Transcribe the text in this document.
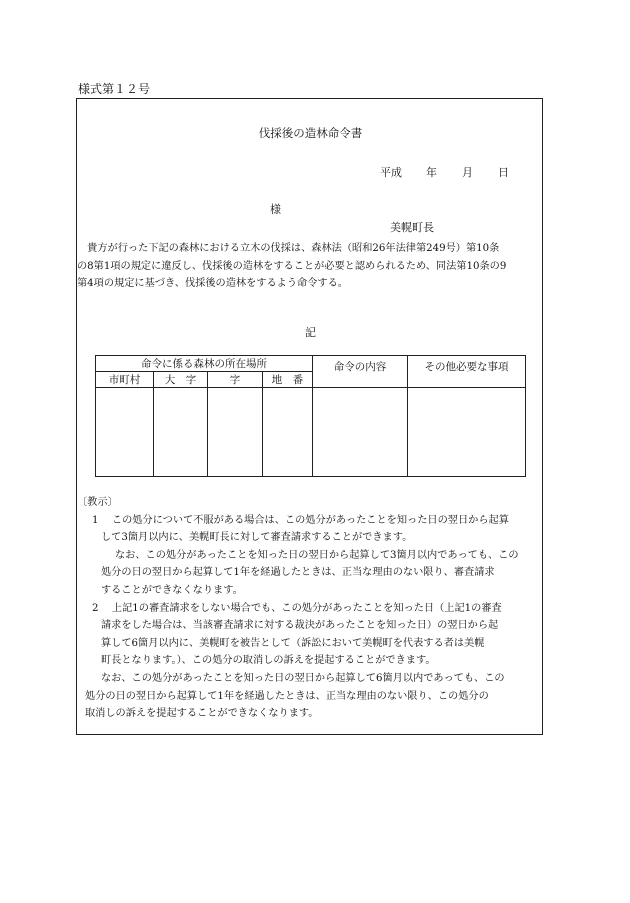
様式第１２号
伐採後の造林命令書
平成 年 月 日
様
美幌町長
　貴方が行った下記の森林における立木の伐採は、森林法（昭和26年法律第249号）第10条
の8第1項の規定に違反し、伐採後の造林をすることが必要と認められるため、同法第10条の9
第4項の規定に基づき、伐採後の造林をするよう命令する。
記
命令に係る森林の所在場所				命令の内容	その他必要な事項
市町村	大　字	字	地　番		

〔教示〕
1　 この処分について不服がある場合は、この処分があったことを知った日の翌日から起算
して3箇月以内に、美幌町長に対して審査請求することができます。
なお、この処分があったことを知った日の翌日から起算して3箇月以内であっても、この
処分の日の翌日から起算して1年を経過したときは、正当な理由のない限り、審査請求
することができなくなります。
2　 上記1の審査請求をしない場合でも、この処分があったことを知った日（上記1の審査
請求をした場合は、当該審査請求に対する裁決があったことを知った日）の翌日から起
算して6箇月以内に、美幌町を被告として（訴訟において美幌町を代表する者は美幌
町長となります。）、この処分の取消しの訴えを提起することができます。
なお、この処分があったことを知った日の翌日から起算して6箇月以内であっても、この
処分の日の翌日から起算して1年を経過したときは、正当な理由のない限り、この処分の
取消しの訴えを提起することができなくなります。
